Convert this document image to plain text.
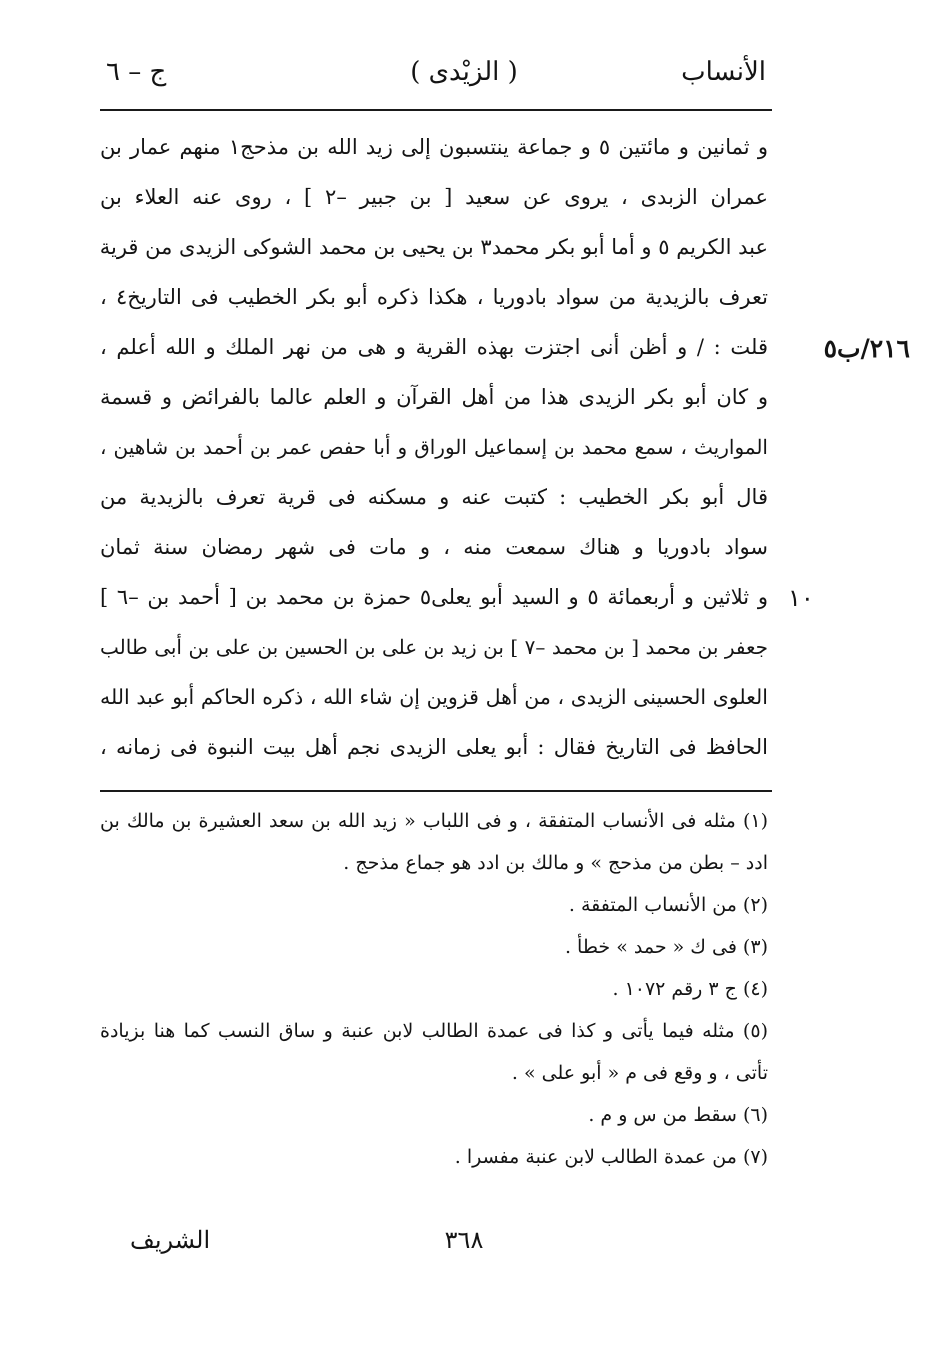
الأنساب
( الزيْدى )
ج – ٦
٢١٦/ب٥
١٠
و ثمانين و مائتين ٥ و جماعة ينتسبون إلى زيد الله بن مذحج١ منهم عمار بن
عمران الزبدى ، يروى عن سعيد [ بن جبير –٢ ] ، روى عنه العلاء بن
عبد الكريم ٥ و أما أبو بكر محمد٣ بن يحيى بن محمد الشوكى الزيدى من قرية
تعرف بالزيدية من سواد بادوريا ، هكذا ذكره أبو بكر الخطيب فى التاريخ٤ ،
قلت : / و أظن أنى اجتزت بهذه القرية و هى من نهر الملك و الله أعلم ،
و كان أبو بكر الزيدى هذا من أهل القرآن و العلم عالما بالفرائض و قسمة
المواريث ، سمع محمد بن إسماعيل الوراق و أبا حفص عمر بن أحمد بن شاهين ،
قال أبو بكر الخطيب : كتبت عنه و مسكنه فى قرية تعرف بالزيدية من
سواد بادوريا و هناك سمعت منه ، و مات فى شهر رمضان سنة ثمان
و ثلاثين و أربعمائة ٥ و السيد أبو يعلى٥ حمزة بن محمد بن [ أحمد بن –٦ ]
جعفر بن محمد [ بن محمد –٧ ] بن زيد بن على بن الحسين بن على بن أبى طالب
العلوى الحسينى الزيدى ، من أهل قزوين إن شاء الله ، ذكره الحاكم أبو عبد الله
الحافظ فى التاريخ فقال : أبو يعلى الزيدى نجم أهل بيت النبوة فى زمانه ،
(١) مثله فى الأنساب المتفقة ، و فى اللباب « زيد الله بن سعد العشيرة بن مالك بن
ادد – بطن من مذحج » و مالك بن ادد هو جماع مذحج .
(٢) من الأنساب المتفقة .
(٣) فى ك « حمد » خطأ .
(٤) ج ٣ رقم ١٠٧٢ .
(٥) مثله فيما يأتى و كذا فى عمدة الطالب لابن عنبة و ساق النسب كما هنا بزيادة
تأتى ، و وقع فى م « أبو على » .
(٦) سقط من س و م .
(٧) من عمدة الطالب لابن عنبة مفسرا .
٣٦٨
الشريف
